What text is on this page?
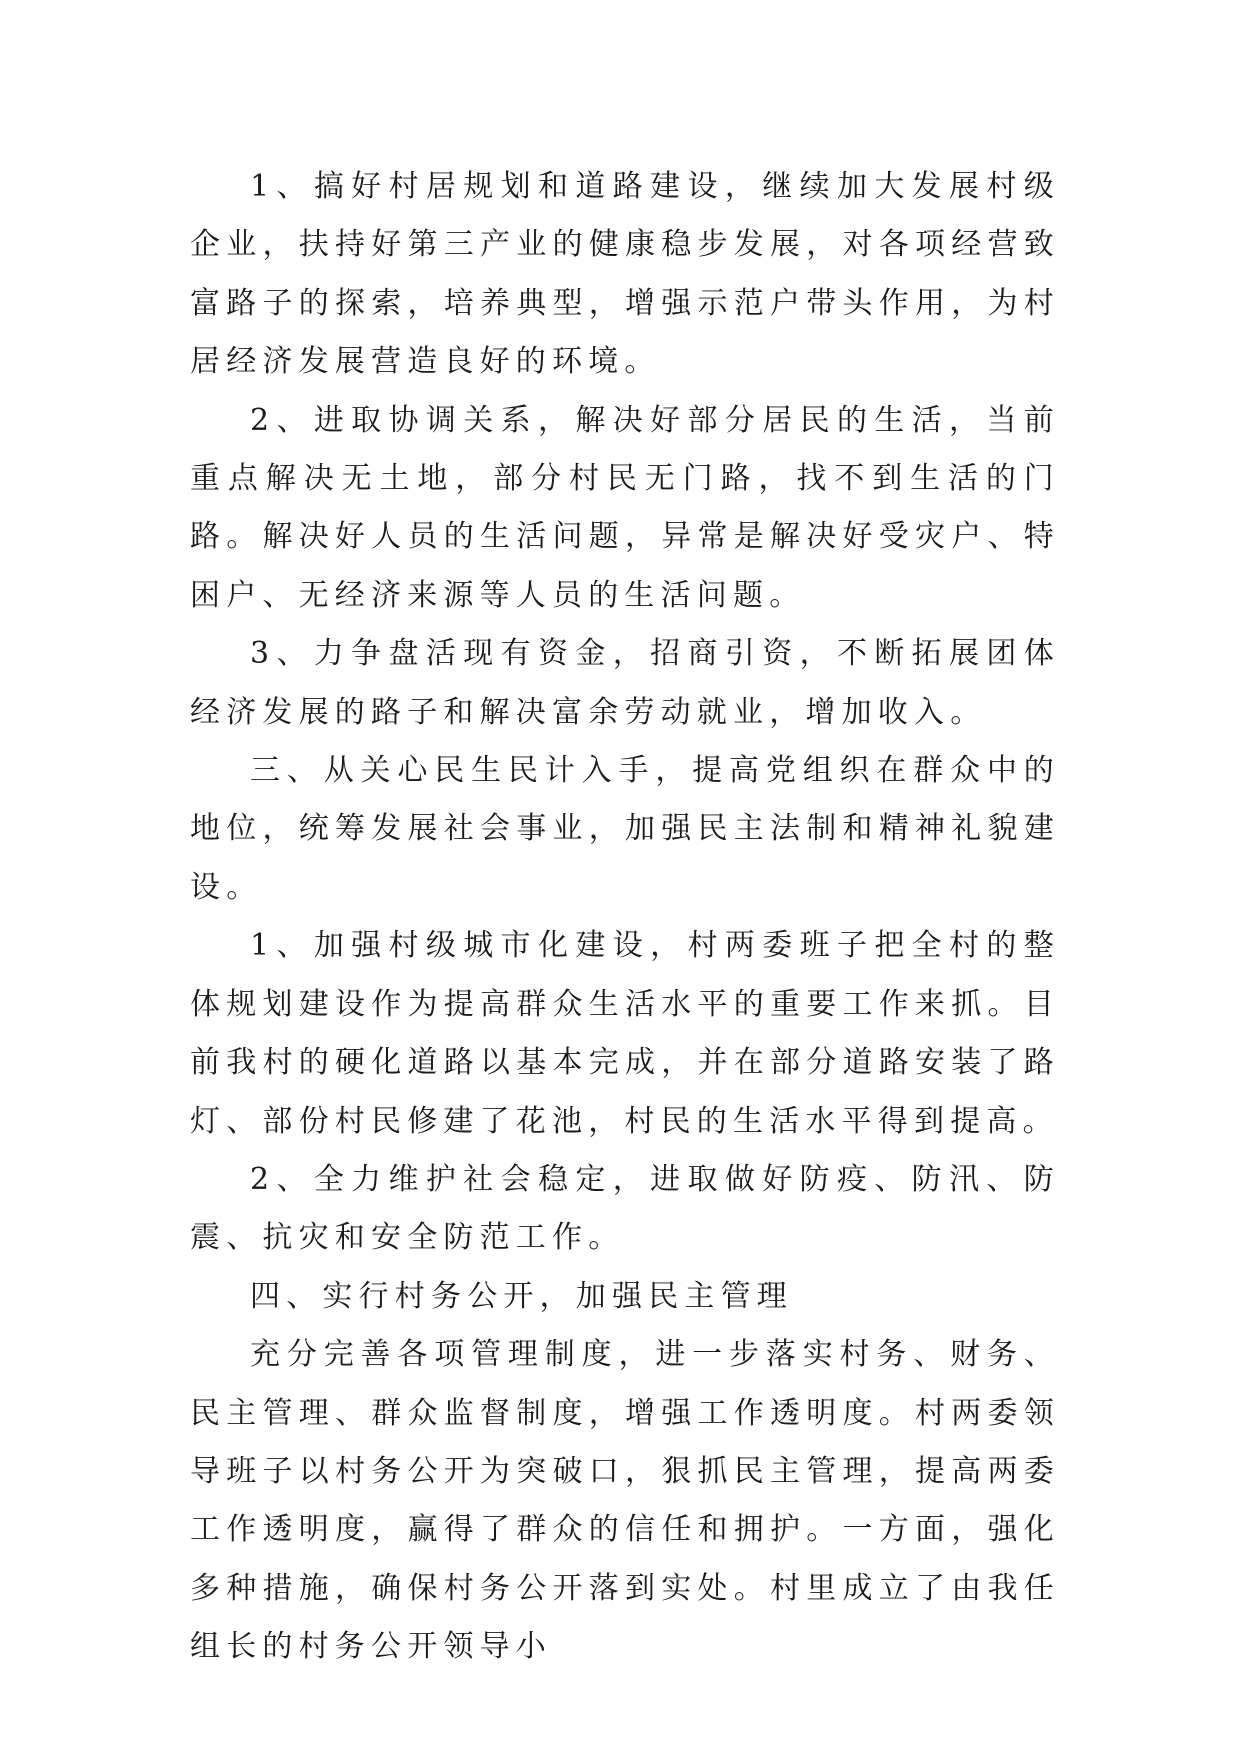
1、搞好村居规划和道路建设，继续加大发展村级企业，扶持好第三产业的健康稳步发展，对各项经营致富路子的探索，培养典型，增强示范户带头作用，为村居经济发展营造良好的环境。

2、进取协调关系，解决好部分居民的生活，当前重点解决无土地，部分村民无门路，找不到生活的门路。解决好人员的生活问题，异常是解决好受灾户、特困户、无经济来源等人员的生活问题。

3、力争盘活现有资金，招商引资，不断拓展团体经济发展的路子和解决富余劳动就业，增加收入。

三、从关心民生民计入手，提高党组织在群众中的地位，统筹发展社会事业，加强民主法制和精神礼貌建设。

1、加强村级城市化建设，村两委班子把全村的整体规划建设作为提高群众生活水平的重要工作来抓。目前我村的硬化道路以基本完成，并在部分道路安装了路灯、部份村民修建了花池，村民的生活水平得到提高。

2、全力维护社会稳定，进取做好防疫、防汛、防震、抗灾和安全防范工作。

四、实行村务公开，加强民主管理

充分完善各项管理制度，进一步落实村务、财务、民主管理、群众监督制度，增强工作透明度。村两委领导班子以村务公开为突破口，狠抓民主管理，提高两委工作透明度，赢得了群众的信任和拥护。一方面，强化多种措施，确保村务公开落到实处。村里成立了由我任组长的村务公开领导小
